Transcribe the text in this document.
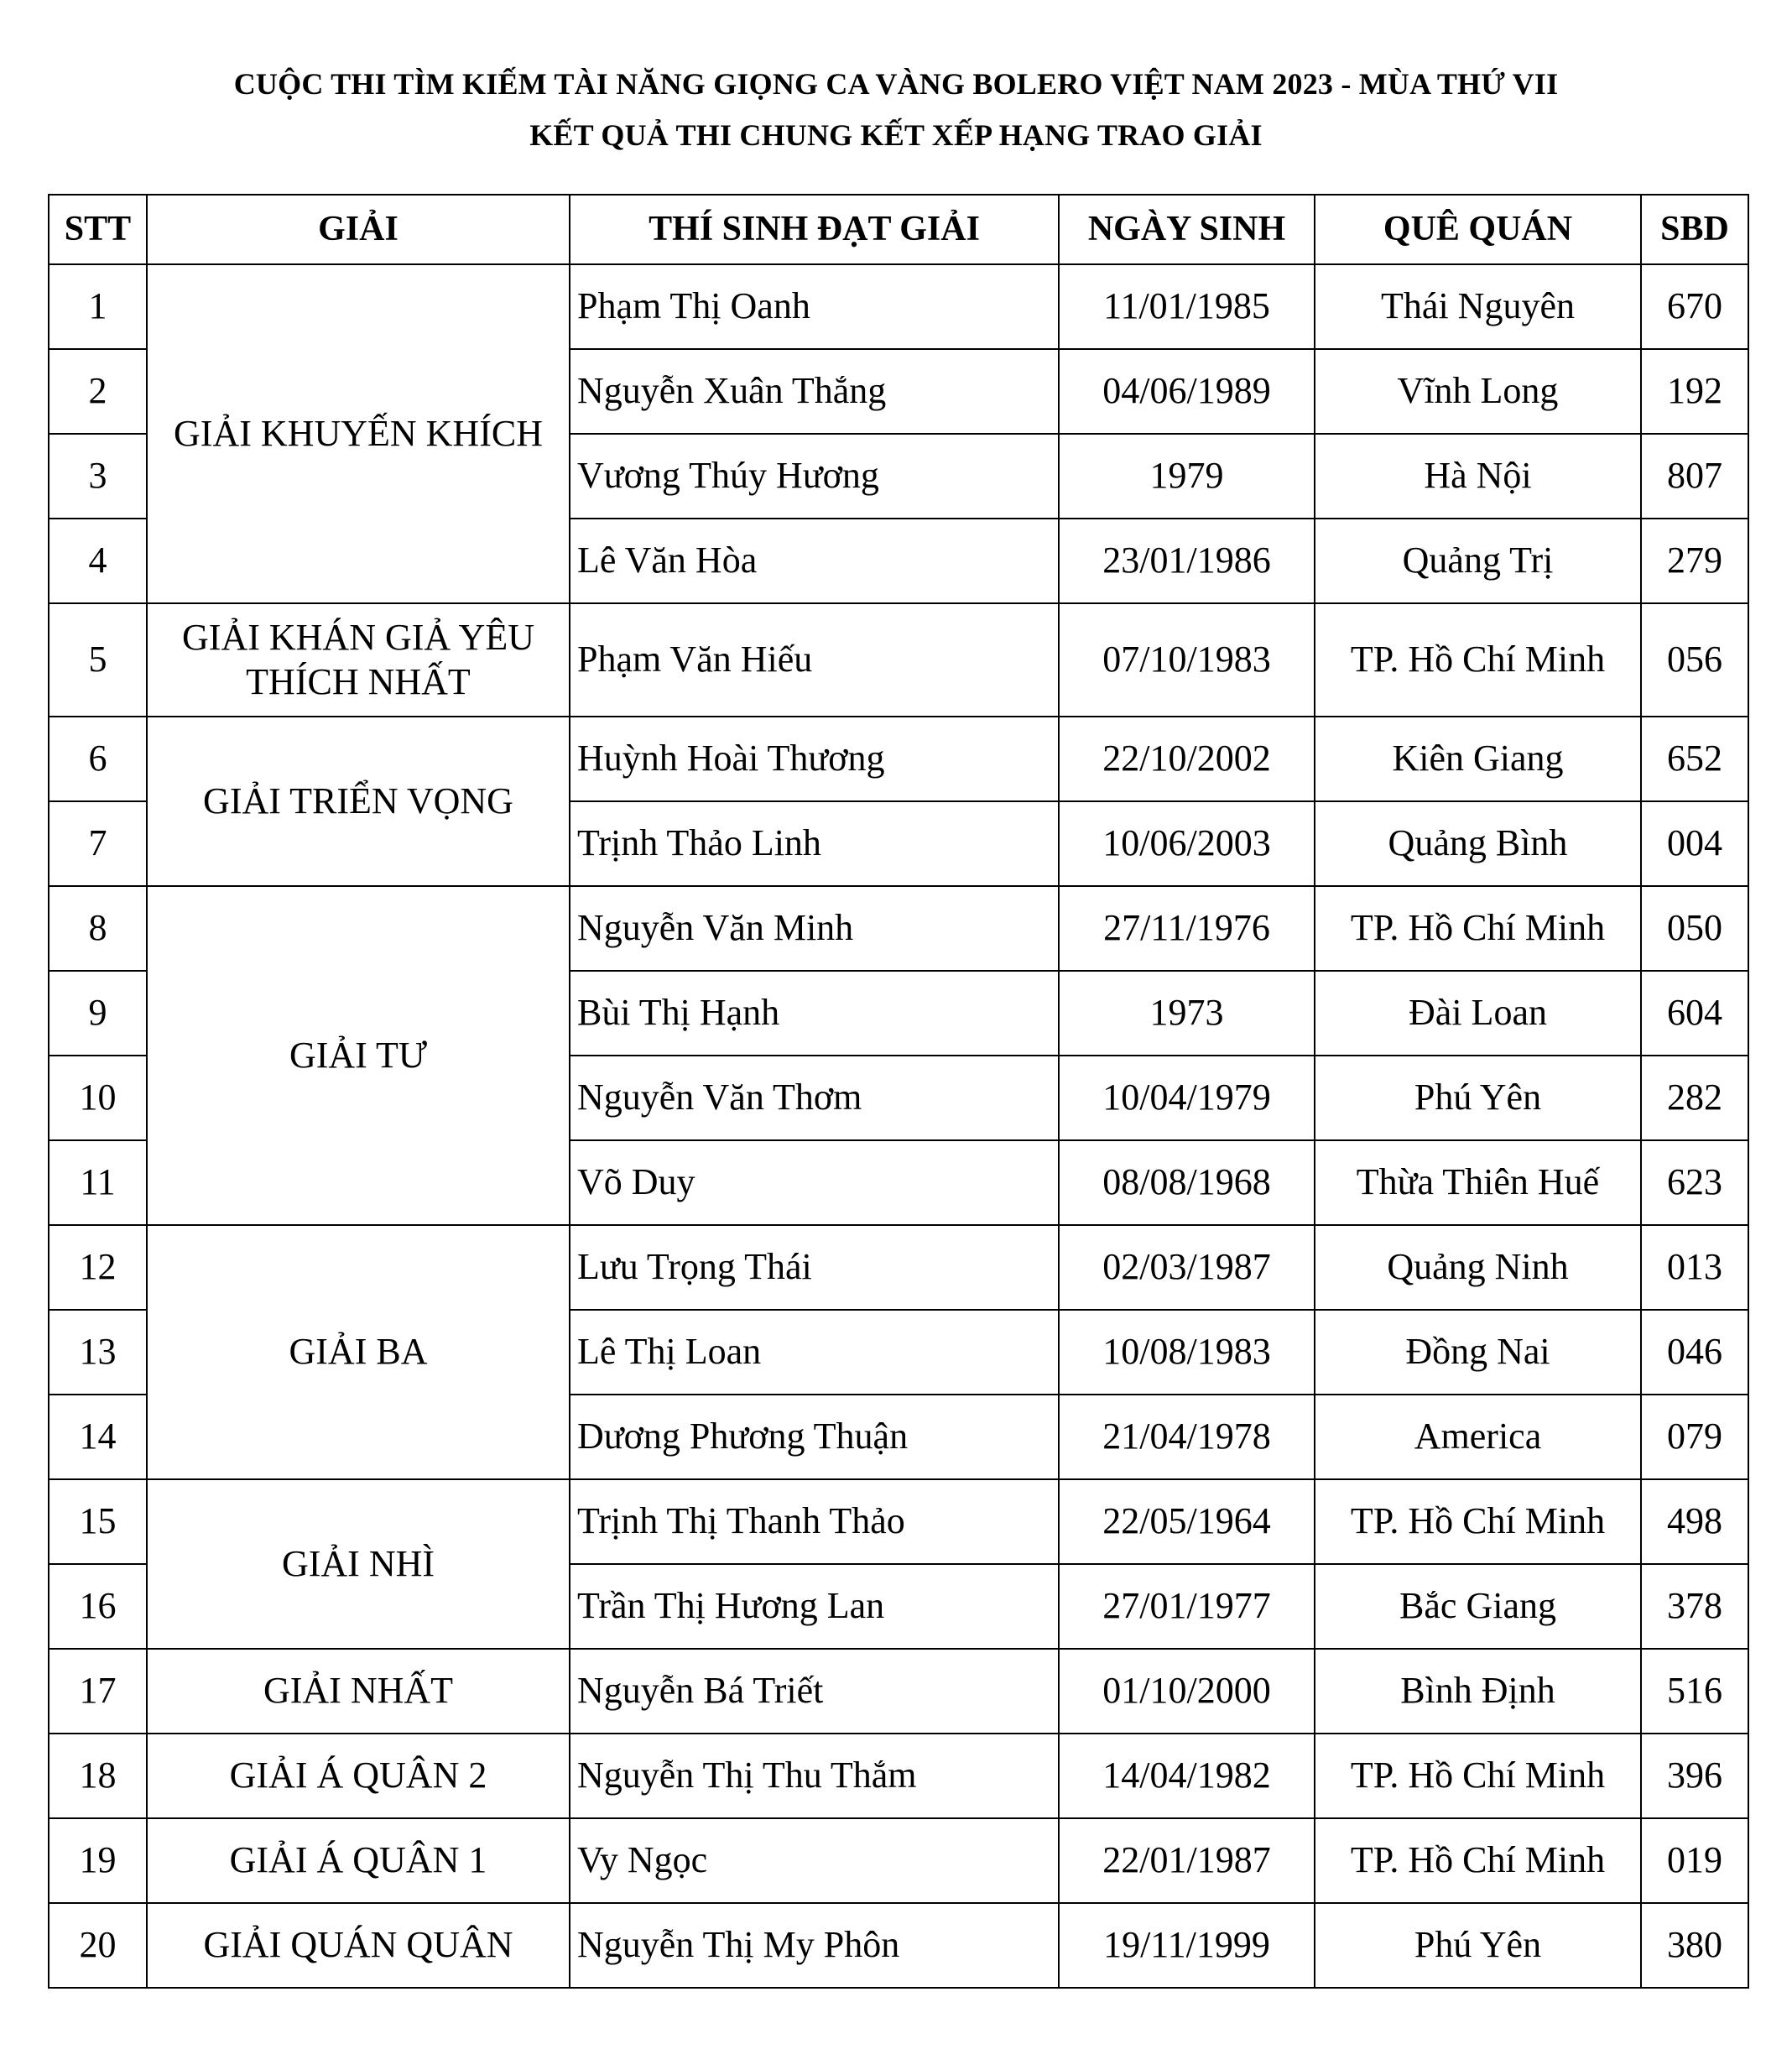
CUỘC THI TÌM KIẾM TÀI NĂNG GIỌNG CA VÀNG BOLERO VIỆT NAM 2023 - MÙA THỨ VII
KẾT QUẢ THI CHUNG KẾT XẾP HẠNG TRAO GIẢI
STT	GIẢI	THÍ SINH ĐẠT GIẢI	NGÀY SINH	QUÊ QUÁN	SBD
1	GIẢI KHUYẾN KHÍCH	Phạm Thị Oanh	11/01/1985	Thái Nguyên	670
2		Nguyễn Xuân Thắng	04/06/1989	Vĩnh Long	192
3		Vương Thúy Hương	1979	Hà Nội	807
4		Lê Văn Hòa	23/01/1986	Quảng Trị	279
5	GIẢI KHÁN GIẢ YÊU THÍCH NHẤT	Phạm Văn Hiếu	07/10/1983	TP. Hồ Chí Minh	056
6	GIẢI TRIỂN VỌNG	Huỳnh Hoài Thương	22/10/2002	Kiên Giang	652
7		Trịnh Thảo Linh	10/06/2003	Quảng Bình	004
8	GIẢI TƯ	Nguyễn Văn Minh	27/11/1976	TP. Hồ Chí Minh	050
9		Bùi Thị Hạnh	1973	Đài Loan	604
10		Nguyễn Văn Thơm	10/04/1979	Phú Yên	282
11		Võ Duy	08/08/1968	Thừa Thiên Huế	623
12	GIẢI BA	Lưu Trọng Thái	02/03/1987	Quảng Ninh	013
13		Lê Thị Loan	10/08/1983	Đồng Nai	046
14		Dương Phương Thuận	21/04/1978	America	079
15	GIẢI NHÌ	Trịnh Thị Thanh Thảo	22/05/1964	TP. Hồ Chí Minh	498
16		Trần Thị Hương Lan	27/01/1977	Bắc Giang	378
17	GIẢI NHẤT	Nguyễn Bá Triết	01/10/2000	Bình Định	516
18	GIẢI Á QUÂN 2	Nguyễn Thị Thu Thắm	14/04/1982	TP. Hồ Chí Minh	396
19	GIẢI Á QUÂN 1	Vy Ngọc	22/01/1987	TP. Hồ Chí Minh	019
20	GIẢI QUÁN QUÂN	Nguyễn Thị My Phôn	19/11/1999	Phú Yên	380
